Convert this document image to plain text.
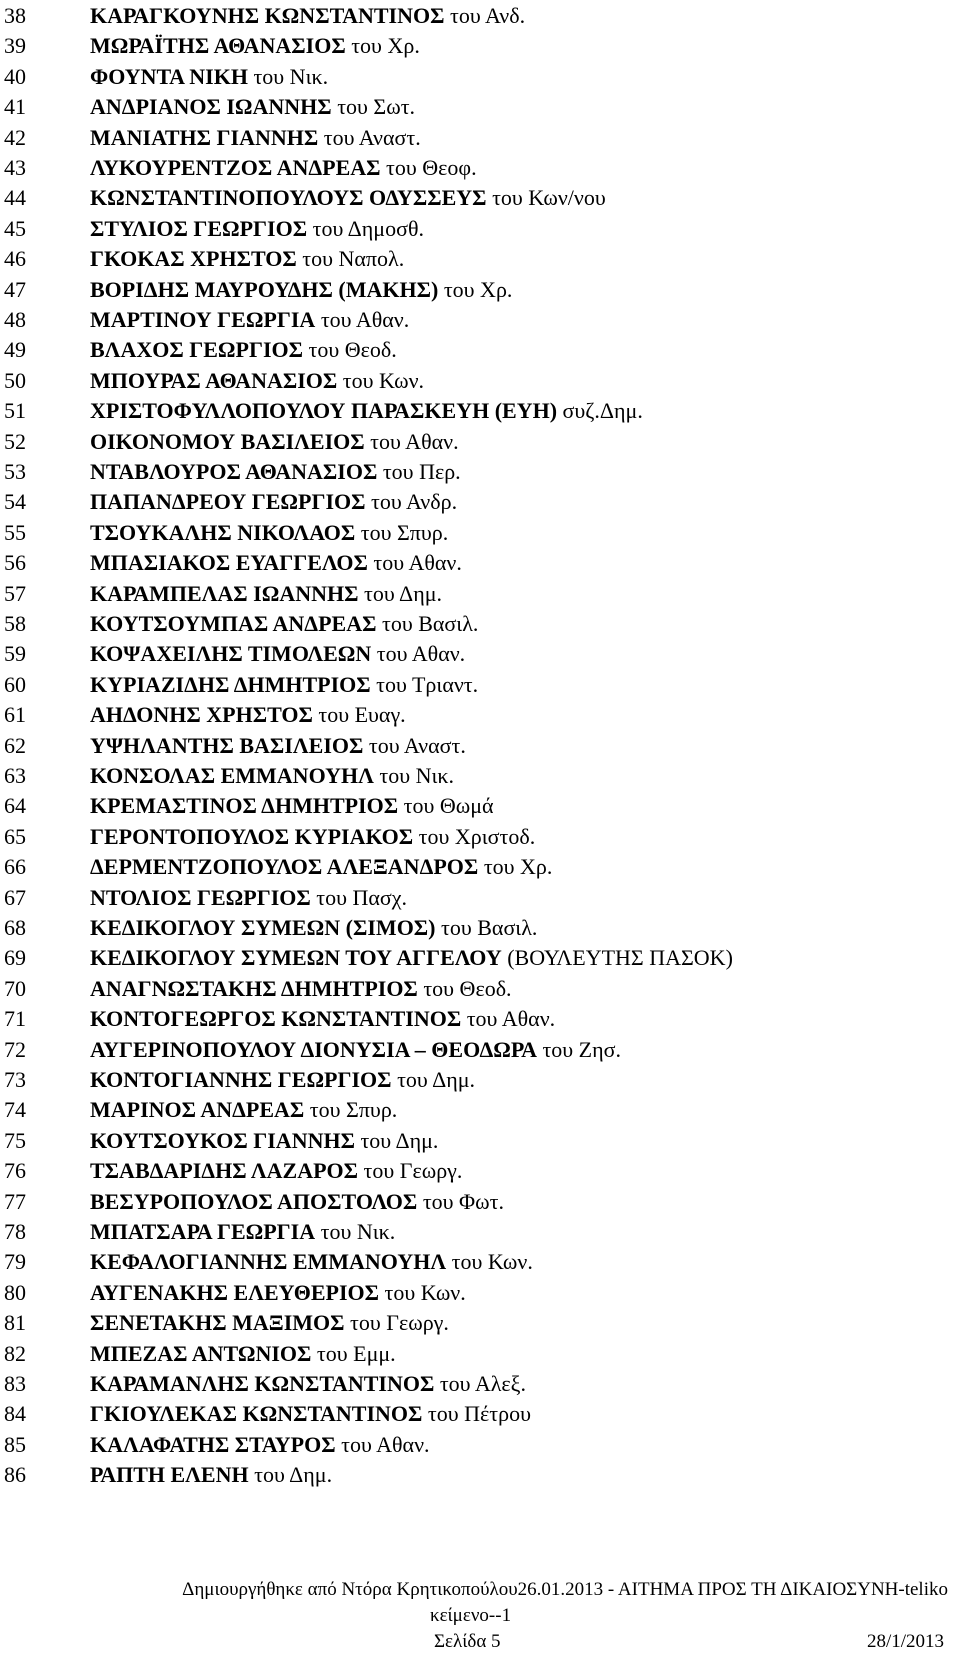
38	ΚΑΡΑΓΚΟΥΝΗΣ ΚΩΝΣΤΑΝΤΙΝΟΣ του Ανδ.
39	ΜΩΡΑΪΤΗΣ ΑΘΑΝΑΣΙΟΣ του Χρ.
40	ΦΟΥΝΤΑ ΝΙΚΗ του Νικ.
41	ΑΝΔΡΙΑΝΟΣ ΙΩΑΝΝΗΣ του Σωτ.
42	ΜΑΝΙΑΤΗΣ ΓΙΑΝΝΗΣ του Αναστ.
43	ΛΥΚΟΥΡΕΝΤΖΟΣ ΑΝΔΡΕΑΣ του Θεοφ.
44	ΚΩΝΣΤΑΝΤΙΝΟΠΟΥΛΟΥΣ ΟΔΥΣΣΕΥΣ του Κων/νου
45	ΣΤΥΛΙΟΣ ΓΕΩΡΓΙΟΣ του Δημοσθ.
46	ΓΚΟΚΑΣ ΧΡΗΣΤΟΣ του Ναπολ.
47	ΒΟΡΙΔΗΣ ΜΑΥΡΟΥΔΗΣ (ΜΑΚΗΣ) του Χρ.
48	ΜΑΡΤΙΝΟΥ ΓΕΩΡΓΙΑ του Αθαν.
49	ΒΛΑΧΟΣ ΓΕΩΡΓΙΟΣ του Θεοδ.
50	ΜΠΟΥΡΑΣ ΑΘΑΝΑΣΙΟΣ του Κων.
51	ΧΡΙΣΤΟΦΥΛΛΟΠΟΥΛΟΥ ΠΑΡΑΣΚΕΥΗ (ΕΥΗ) συζ.Δημ.
52	ΟΙΚΟΝΟΜΟΥ ΒΑΣΙΛΕΙΟΣ του Αθαν.
53	ΝΤΑΒΛΟΥΡΟΣ ΑΘΑΝΑΣΙΟΣ του Περ.
54	ΠΑΠΑΝΔΡΕΟΥ ΓΕΩΡΓΙΟΣ του Ανδρ.
55	ΤΣΟΥΚΑΛΗΣ ΝΙΚΟΛΑΟΣ του Σπυρ.
56	ΜΠΑΣΙΑΚΟΣ ΕΥΑΓΓΕΛΟΣ του Αθαν.
57	ΚΑΡΑΜΠΕΛΑΣ ΙΩΑΝΝΗΣ του Δημ.
58	ΚΟΥΤΣΟΥΜΠΑΣ ΑΝΔΡΕΑΣ του Βασιλ.
59	ΚΟΨΑΧΕΙΛΗΣ ΤΙΜΟΛΕΩΝ του Αθαν.
60	ΚΥΡΙΑΖΙΔΗΣ ΔΗΜΗΤΡΙΟΣ του Τριαντ.
61	ΑΗΔΟΝΗΣ ΧΡΗΣΤΟΣ του Ευαγ.
62	ΥΨΗΛΑΝΤΗΣ ΒΑΣΙΛΕΙΟΣ του Αναστ.
63	ΚΟΝΣΟΛΑΣ ΕΜΜΑΝΟΥΗΛ του Νικ.
64	ΚΡΕΜΑΣΤΙΝΟΣ ΔΗΜΗΤΡΙΟΣ του Θωμά
65	ΓΕΡΟΝΤΟΠΟΥΛΟΣ ΚΥΡΙΑΚΟΣ του Χριστοδ.
66	ΔΕΡΜΕΝΤΖΟΠΟΥΛΟΣ ΑΛΕΞΑΝΔΡΟΣ του Χρ.
67	ΝΤΟΛΙΟΣ ΓΕΩΡΓΙΟΣ του Πασχ.
68	ΚΕΔΙΚΟΓΛΟΥ ΣΥΜΕΩΝ (ΣΙΜΟΣ) του Βασιλ.
69	ΚΕΔΙΚΟΓΛΟΥ ΣΥΜΕΩΝ ΤΟΥ ΑΓΓΕΛΟΥ (ΒΟΥΛΕΥΤΗΣ ΠΑΣΟΚ)
70	ΑΝΑΓΝΩΣΤΑΚΗΣ ΔΗΜΗΤΡΙΟΣ του Θεοδ.
71	ΚΟΝΤΟΓΕΩΡΓΟΣ ΚΩΝΣΤΑΝΤΙΝΟΣ του Αθαν.
72	ΑΥΓΕΡΙΝΟΠΟΥΛΟΥ ΔΙΟΝΥΣΙΑ – ΘΕΟΔΩΡΑ του Ζησ.
73	ΚΟΝΤΟΓΙΑΝΝΗΣ ΓΕΩΡΓΙΟΣ του Δημ.
74	ΜΑΡΙΝΟΣ ΑΝΔΡΕΑΣ του Σπυρ.
75	ΚΟΥΤΣΟΥΚΟΣ ΓΙΑΝΝΗΣ του Δημ.
76	ΤΣΑΒΔΑΡΙΔΗΣ ΛΑΖΑΡΟΣ του Γεωργ.
77	ΒΕΣΥΡΟΠΟΥΛΟΣ ΑΠΟΣΤΟΛΟΣ του Φωτ.
78	ΜΠΑΤΣΑΡΑ ΓΕΩΡΓΙΑ του Νικ.
79	ΚΕΦΑΛΟΓΙΑΝΝΗΣ ΕΜΜΑΝΟΥΗΛ του Κων.
80	ΑΥΓΕΝΑΚΗΣ ΕΛΕΥΘΕΡΙΟΣ του Κων.
81	ΣΕΝΕΤΑΚΗΣ ΜΑΞΙΜΟΣ του Γεωργ.
82	ΜΠΕΖΑΣ ΑΝΤΩΝΙΟΣ του Εμμ.
83	ΚΑΡΑΜΑΝΛΗΣ ΚΩΝΣΤΑΝΤΙΝΟΣ του Αλεξ.
84	ΓΚΙΟΥΛΕΚΑΣ ΚΩΝΣΤΑΝΤΙΝΟΣ του Πέτρου
85	ΚΑΛΑΦΑΤΗΣ ΣΤΑΥΡΟΣ του Αθαν.
86	ΡΑΠΤΗ ΕΛΕΝΗ του Δημ.
Δημιουργήθηκε από Ντόρα Κρητικοπούλου26.01.2013 - ΑΙΤΗΜΑ ΠΡΟΣ ΤΗ ΔΙΚΑΙΟΣΥΝΗ-teliko
κείμενο--1
Σελίδα 5	28/1/2013
